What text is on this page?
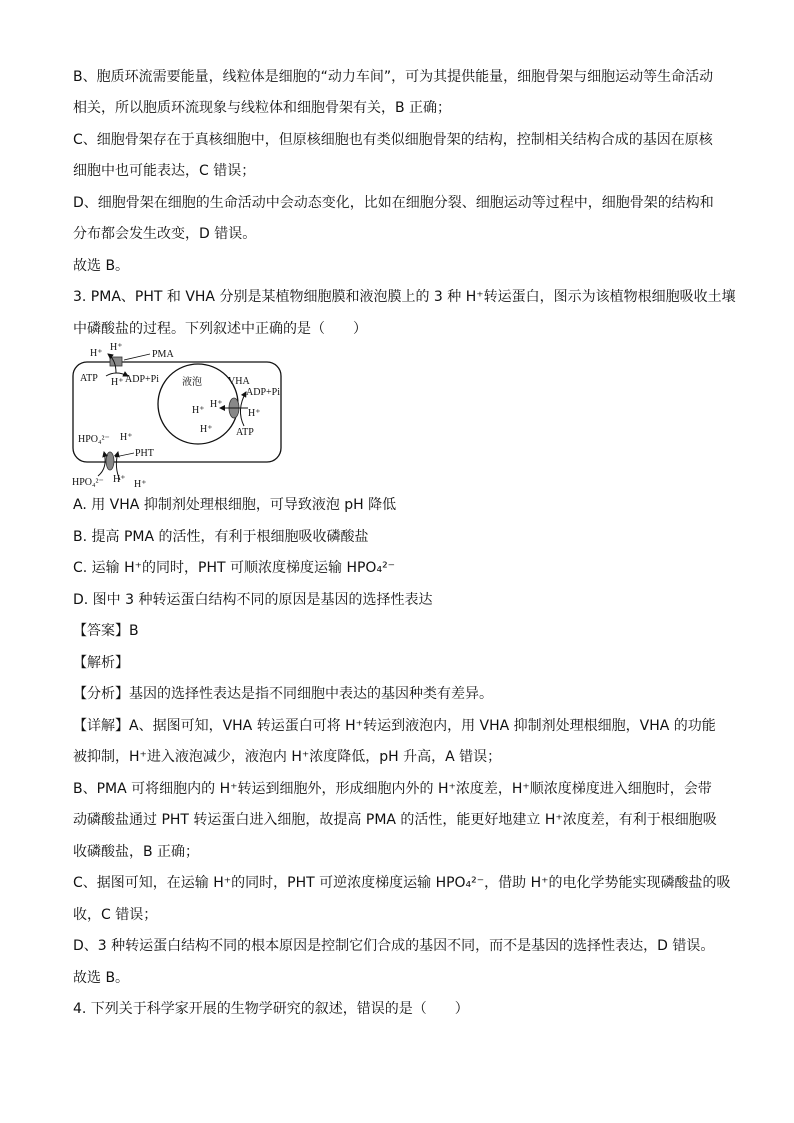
B、胞质环流需要能量，线粒体是细胞的“动力车间”，可为其提供能量，细胞骨架与细胞运动等生命活动
相关，所以胞质环流现象与线粒体和细胞骨架有关，B 正确；
C、细胞骨架存在于真核细胞中，但原核细胞也有类似细胞骨架的结构，控制相关结构合成的基因在原核
细胞中也可能表达，C 错误；
D、细胞骨架在细胞的生命活动中会动态变化，比如在细胞分裂、细胞运动等过程中，细胞骨架的结构和
分布都会发生改变，D 错误。
故选 B。
3. PMA、PHT 和 VHA 分别是某植物细胞膜和液泡膜上的 3 种 H⁺转运蛋白，图示为该植物根细胞吸收土壤
中磷酸盐的过程。下列叙述中正确的是（　　）
H⁺
H⁺
PMA
ATP H⁺ ADP+Pi 液泡	VHA
ADP+Pi
H⁺
H⁺
H⁺
H⁺
ATP
HPO₄²⁻ H⁺
PHT
HPO₄²⁻ H⁺ H⁺
A. 用 VHA 抑制剂处理根细胞，可导致液泡 pH 降低
B. 提高 PMA 的活性，有利于根细胞吸收磷酸盐
C. 运输 H⁺的同时，PHT 可顺浓度梯度运输 HPO₄²⁻
D. 图中 3 种转运蛋白结构不同的原因是基因的选择性表达
【答案】B
【解析】
【分析】基因的选择性表达是指不同细胞中表达的基因种类有差异。
【详解】A、据图可知，VHA 转运蛋白可将 H⁺转运到液泡内，用 VHA 抑制剂处理根细胞，VHA 的功能
被抑制，H⁺进入液泡减少，液泡内 H⁺浓度降低，pH 升高，A 错误；
B、PMA 可将细胞内的 H⁺转运到细胞外，形成细胞内外的 H⁺浓度差，H⁺顺浓度梯度进入细胞时，会带
动磷酸盐通过 PHT 转运蛋白进入细胞，故提高 PMA 的活性，能更好地建立 H⁺浓度差，有利于根细胞吸
收磷酸盐，B 正确；
C、据图可知，在运输 H⁺的同时，PHT 可逆浓度梯度运输 HPO₄²⁻，借助 H⁺的电化学势能实现磷酸盐的吸
收，C 错误；
D、3 种转运蛋白结构不同的根本原因是控制它们合成的基因不同，而不是基因的选择性表达，D 错误。
故选 B。
4. 下列关于科学家开展的生物学研究的叙述，错误的是（　　）
